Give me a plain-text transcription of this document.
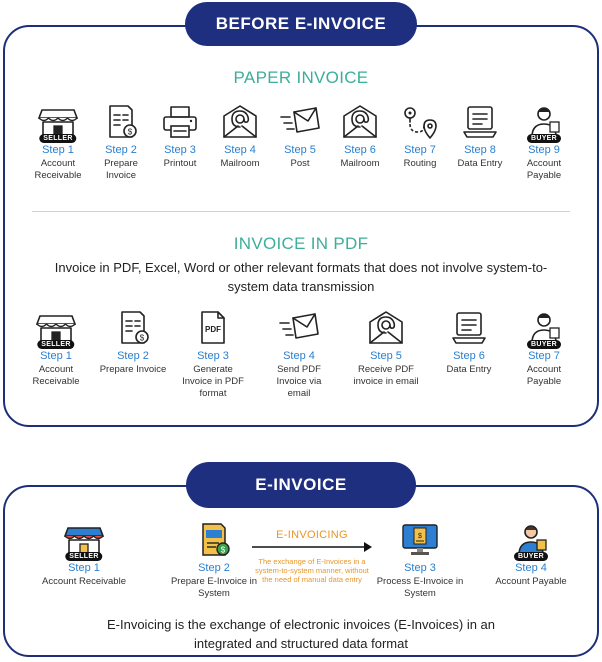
BEFORE E-INVOICE
PAPER INVOICE
SELLER
Step 1
Account Receivable
$
Step 2
Prepare Invoice
Step 3
Printout
Step 4
Mailroom
Step 5
Post
Step 6
Mailroom
Step 7
Routing
Step 8
Data Entry
BUYER
Step 9
Account Payable
INVOICE IN PDF
Invoice in PDF, Excel, Word or other relevant formats that does not involve system-to-system data transmission
SELLER
Step 1
Account Receivable
$
Step 2
Prepare Invoice
PDF
Step 3
Generate Invoice in PDF format
Step 4
Send PDF Invoice via email
Step 5
Receive PDF invoice in email
Step 6
Data Entry
BUYER
Step 7
Account Payable
E-INVOICE
SELLER
Step 1
Account Receivable
$
Step 2
Prepare E-Invoice in System
$
Step 3
Process E-Invoice in System
BUYER
Step 4
Account Payable
E-INVOICING
The exchange of E-Invoices in a system-to-system manner, without the need of manual data entry
E-Invoicing is the exchange of electronic invoices (E-Invoices) in an integrated and structured data format
